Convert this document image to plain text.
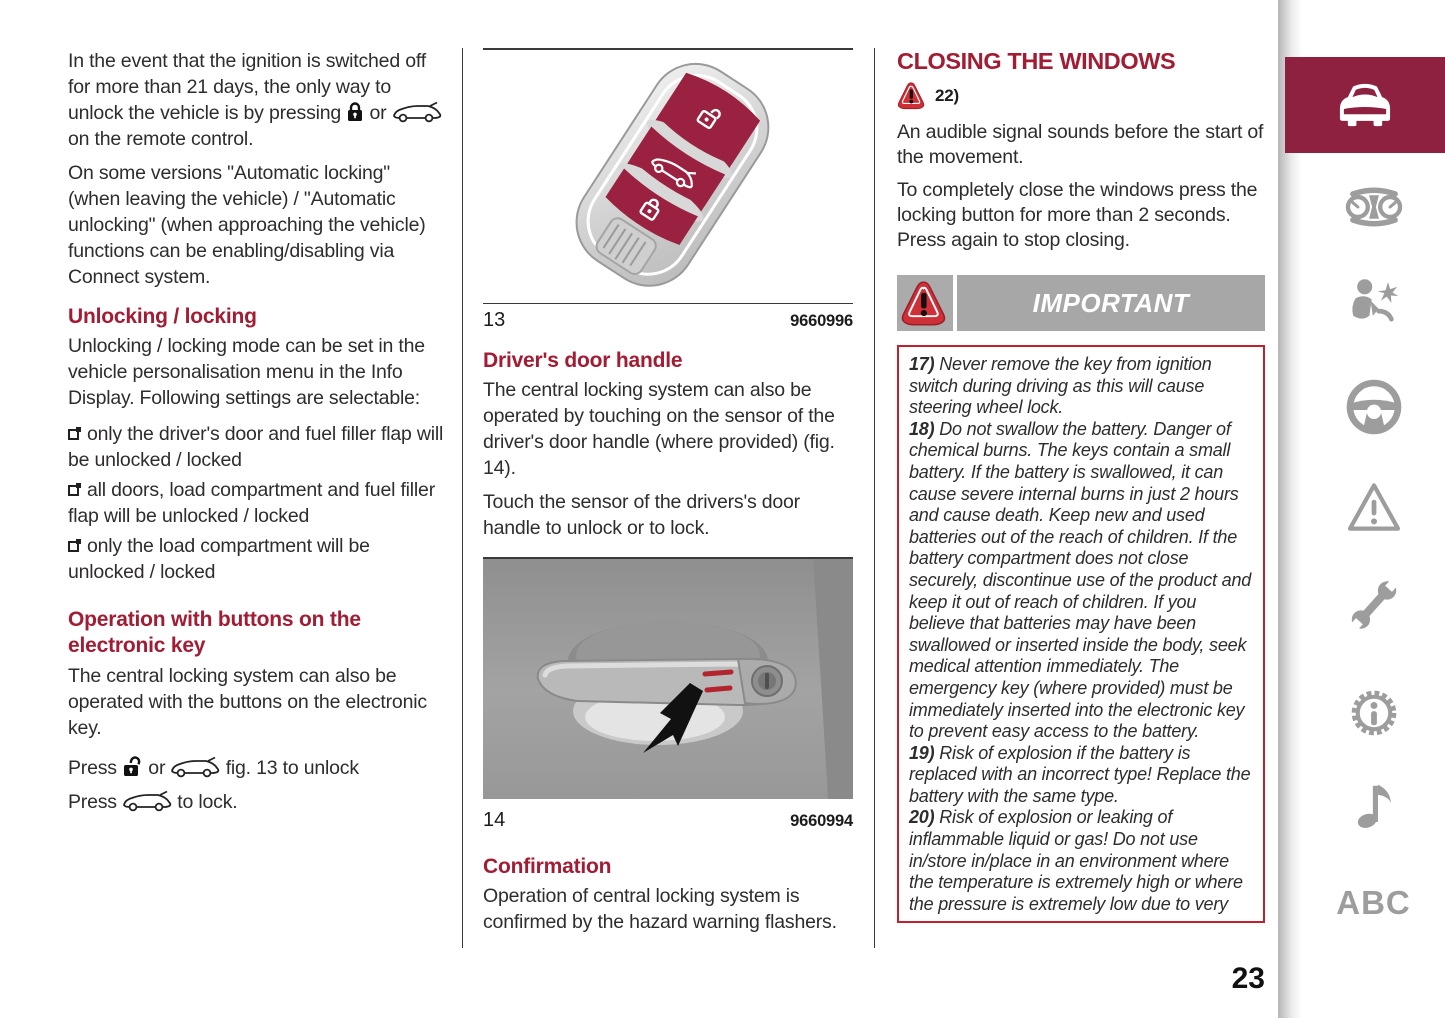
In the event that the ignition is switched off for more than 21 days, the only way to unlock the vehicle is by pressing or  on the remote control.

On some versions "Automatic locking" (when leaving the vehicle) / "Automatic unlocking" (when approaching the vehicle) functions can be enabling/disabling via Connect system.

Unlocking / locking

Unlocking / locking mode can be set in the vehicle personalisation menu in the Info Display. Following settings are selectable:

only the driver's door and fuel filler flap will be unlocked / locked
all doors, load compartment and fuel filler flap will be unlocked / locked
only the load compartment will be unlocked / locked
Operation with buttons on the electronic key

The central locking system can also be operated with the buttons on the electronic key.

Press or	fig. 13 to unlock

Press	to lock.

13	9660996
Driver's door handle

The central locking system can also be operated by touching on the sensor of the driver's door handle (where provided) (fig. 14).

Touch the sensor of the drivers's door handle to unlock or to lock.

14	9660994
Confirmation

Operation of central locking system is confirmed by the hazard warning flashers.

CLOSING THE WINDOWS
22)

An audible signal sounds before the start of the movement.

To completely close the windows press the locking button for more than 2 seconds. Press again to stop closing.

IMPORTANT

17) Never remove the key from ignition switch during driving as this will cause steering wheel lock.

18) Do not swallow the battery. Danger of chemical burns. The keys contain a small battery. If the battery is swallowed, it can cause severe internal burns in just 2 hours and cause death. Keep new and used batteries out of the reach of children. If the battery compartment does not close securely, discontinue use of the product and keep it out of reach of children. If you believe that batteries may have been swallowed or inserted inside the body, seek medical attention immediately. The emergency key (where provided) must be immediately inserted into the electronic key to prevent easy access to the battery.

19) Risk of explosion if the battery is replaced with an incorrect type! Replace the battery with the same type.

20) Risk of explosion or leaking of inflammable liquid or gas! Do not use in/store in/place in an environment where the temperature is extremely high or where the pressure is extremely low due to very	ABC
23
